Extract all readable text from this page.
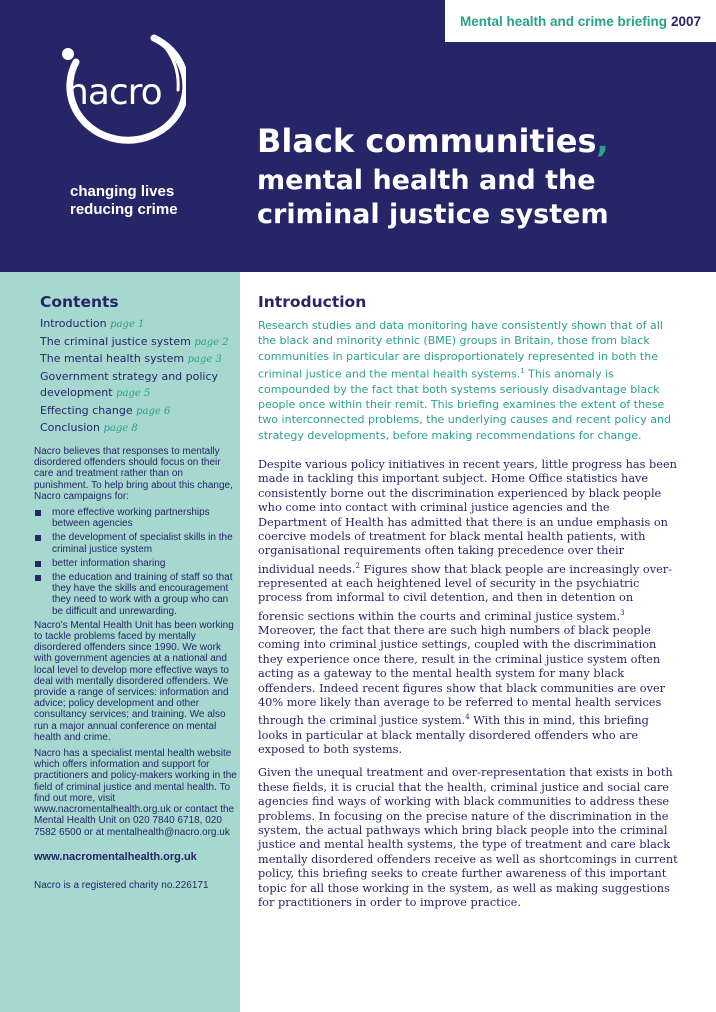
Mental health and crime briefing 2007
nacro
changing lives
reducing crime
Black communities,
mental health and the
criminal justice system
Contents
Introduction page 1
The criminal justice system page 2
The mental health system page 3
Government strategy and policy development page 5
Effecting change page 6
Conclusion page 8

Nacro believes that responses to mentally disordered offenders should focus on their care and treatment rather than on punishment. To help bring about this change, Nacro campaigns for:

more effective working partnerships between agencies
the development of specialist skills in the criminal justice system
better information sharing
the education and training of staff so that they have the skills and encouragement they need to work with a group who can be difficult and unrewarding.

Nacro's Mental Health Unit has been working to tackle problems faced by mentally disordered offenders since 1990. We work with government agencies at a national and local level to develop more effective ways to deal with mentally disordered offenders. We provide a range of services: information and advice; policy development and other consultancy services; and training. We also run a major annual conference on mental health and crime.

Nacro has a specialist mental health website which offers information and support for practitioners and policy-makers working in the field of criminal justice and mental health. To find out more, visit www.nacromentalhealth.org.uk or contact the Mental Health Unit on 020 7840 6718, 020 7582 6500 or at mentalhealth@nacro.org.uk

www.nacromentalhealth.org.uk

Nacro is a registered charity no.226171

Introduction

Research studies and data monitoring have consistently shown that of all the black and minority ethnic (BME) groups in Britain, those from black communities in particular are disproportionately represented in both the criminal justice and the mental health systems.$^1$ This anomaly is compounded by the fact that both systems seriously disadvantage black people once within their remit. This briefing examines the extent of these two interconnected problems, the underlying causes and recent policy and strategy developments, before making recommendations for change.

Despite various policy initiatives in recent years, little progress has been made in tackling this important subject. Home Office statistics have consistently borne out the discrimination experienced by black people who come into contact with criminal justice agencies and the Department of Health has admitted that there is an undue emphasis on coercive models of treatment for black mental health patients, with organisational requirements often taking precedence over their individual needs.$^2$ Figures show that black people are increasingly over-represented at each heightened level of security in the psychiatric process from informal to civil detention, and then in detention on forensic sections within the courts and criminal justice system.$^3$ Moreover, the fact that there are such high numbers of black people coming into criminal justice settings, coupled with the discrimination they experience once there, result in the criminal justice system often acting as a gateway to the mental health system for many black offenders. Indeed recent figures show that black communities are over 40% more likely than average to be referred to mental health services through the criminal justice system.$^4$ With this in mind, this briefing looks in particular at black mentally disordered offenders who are exposed to both systems.

Given the unequal treatment and over-representation that exists in both these fields, it is crucial that the health, criminal justice and social care agencies find ways of working with black communities to address these problems. In focusing on the precise nature of the discrimination in the system, the actual pathways which bring black people into the criminal justice and mental health systems, the type of treatment and care black mentally disordered offenders receive as well as shortcomings in current policy, this briefing seeks to create further awareness of this important topic for all those working in the system, as well as making suggestions for practitioners in order to improve practice.
